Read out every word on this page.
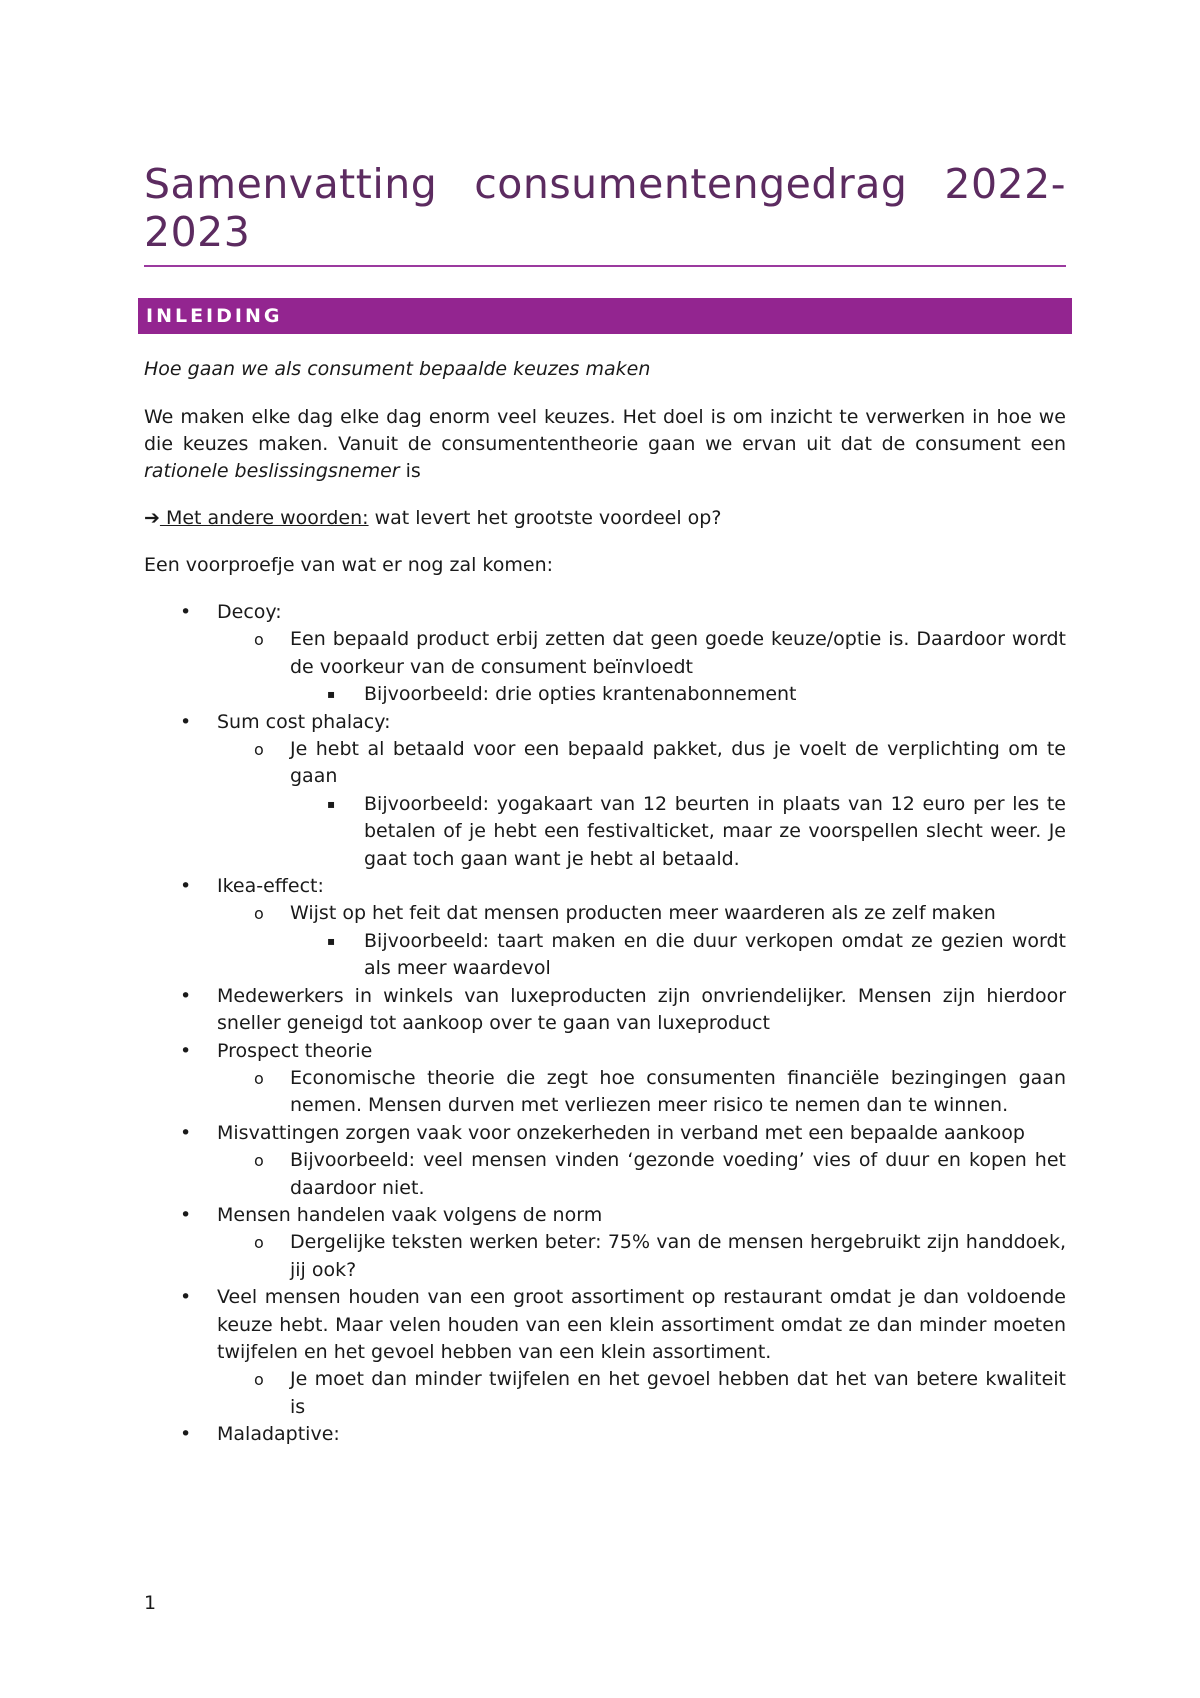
Samenvatting consumentengedrag 2022-2023
INLEIDING
Hoe gaan we als consument bepaalde keuzes maken
We maken elke dag elke dag enorm veel keuzes. Het doel is om inzicht te verwerken in hoe we die keuzes maken. Vanuit de consumententheorie gaan we ervan uit dat de consument een rationele beslissingsnemer is
➔ Met andere woorden: wat levert het grootste voordeel op?
Een voorproefje van wat er nog zal komen:
• Decoy:
o Een bepaald product erbij zetten dat geen goede keuze/optie is. Daardoor wordt de voorkeur van de consument beïnvloedt
▪ Bijvoorbeeld: drie opties krantenabonnement
• Sum cost phalacy:
o Je hebt al betaald voor een bepaald pakket, dus je voelt de verplichting om te gaan
▪ Bijvoorbeeld: yogakaart van 12 beurten in plaats van 12 euro per les te betalen of je hebt een festivalticket, maar ze voorspellen slecht weer. Je gaat toch gaan want je hebt al betaald.
• Ikea-effect:
o Wijst op het feit dat mensen producten meer waarderen als ze zelf maken
▪ Bijvoorbeeld: taart maken en die duur verkopen omdat ze gezien wordt als meer waardevol
• Medewerkers in winkels van luxeproducten zijn onvriendelijker. Mensen zijn hierdoor sneller geneigd tot aankoop over te gaan van luxeproduct
• Prospect theorie
o Economische theorie die zegt hoe consumenten financiële bezingingen gaan nemen. Mensen durven met verliezen meer risico te nemen dan te winnen.
• Misvattingen zorgen vaak voor onzekerheden in verband met een bepaalde aankoop
o Bijvoorbeeld: veel mensen vinden ‘gezonde voeding’ vies of duur en kopen het daardoor niet.
• Mensen handelen vaak volgens de norm
o Dergelijke teksten werken beter: 75% van de mensen hergebruikt zijn handdoek, jij ook?
• Veel mensen houden van een groot assortiment op restaurant omdat je dan voldoende keuze hebt. Maar velen houden van een klein assortiment omdat ze dan minder moeten twijfelen en het gevoel hebben van een klein assortiment.
o Je moet dan minder twijfelen en het gevoel hebben dat het van betere kwaliteit is
• Maladaptive:
1
